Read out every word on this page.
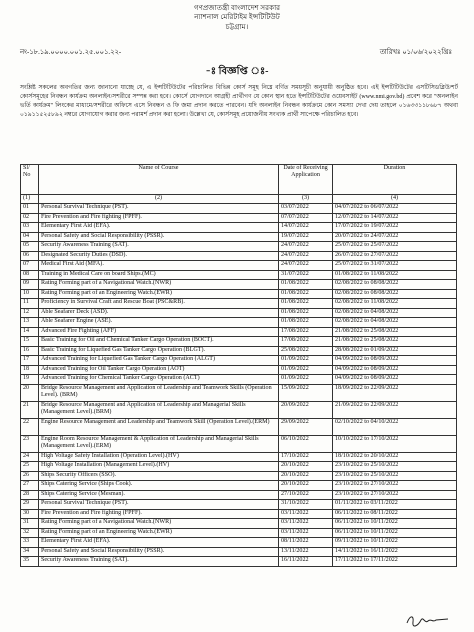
গণপ্রজাতন্ত্রী বাংলাদেশ সরকার
ন্যাশনাল মেরিটাইম ইন্সটিটিউট
চট্টগ্রাম।
নং-১৮.১৯.০০০০.০০১.২৫.০০১.২২-	তারিখঃ ০১/০৬/২০২২খ্রিঃ
-ঃ বিজ্ঞপ্তি ঃ-
সংশ্লিষ্ট সকলের অবগতির জন্য জানানো যাচ্ছে যে, এ ইন্সটিটিউটের পরিচালিত বিভিন্ন কোর্স সমূহ নিম্নে বর্ণিত সময়সূচী অনুযায়ী অনুষ্ঠিত হবে। এই ইন্সটিটিউটের এসটিসিডব্লিউ/শর্ট কোর্সসমূহের নিবন্ধন কার্যক্রম অনলাইন/সশরীরে সম্পন্ন করা হবে। কোর্সে যোগদানে আগ্রহী প্রার্থীগণ যে কোন স্থান হতে ইন্সটিটিউটের ওয়েবসাইট (www.nmi.gov.bd) প্রবেশ করে "অনলাইন ভর্তি কার্যক্রম" লিংকের মাধ্যমে/সশরীরে অফিসে এসে নিবন্ধন ও ফি জমা প্রদান করতে পারবেন। যদি অনলাইন নিবন্ধন কার্যক্রমে কোন সমস্যা দেখা দেয় তাহলে ০১৬৩৩১১৮৬৮৭ অথবা ০১৯১১৫২৫৮৯২ নম্বরে যোগাযোগ করার জন্য পরামর্শ প্রদান করা হলো। উল্লেখ্য যে, কোর্সসমূহ প্রয়োজনীয় সংখ্যক প্রার্থী সাপেক্ষে পরিচালিত হবে।
Sl/ No	Name of Course	Date of Receiving Application	Duration
(1)	(2)	(3)	(4)
01	Personal Survival Technique (PST).	03/07/2022	04/07/2022 to 06/07/2022
02	Fire Prevention and Fire fighting (FPFF).	07/07/2022	12/07/2022 to 14/07/2022
03	Elementary First Aid (EFA).	14/07/2022	17/07/2022 to 19/07/2022
04	Personal Safety and Social Responsibility (PSSR).	19/07/2022	20/07/2022 to 24/07/2022
05	Security Awareness Training (SAT).	24/07/2022	25/07/2022 to 25/07/2022
06	Designated Security Duties (DSD).	24/07/2022	26/07/2022 to 27/07/2022
07	Medical First Aid (MFA).	24/07/2022	25/07/2022 to 31/07/2022
08	Training in Medical Care on board Ships.(MC)	31/07/2022	01/08/2022 to 11/08/2022
09	Rating Forming part of a Navigational Watch.(NWR)	01/08/2022	02/08/2022 to 08/08/2022
10	Rating Forming part of an Engineering Watch.(EWR)	01/08/2022	02/08/2022 to 08/08/2022
11	Proficiency in Survival Craft and Rescue Boat (PSC&RB).	01/08/2022	02/08/2022 to 11/08/2022
12	Able Seafarer Deck (ASD).	01/08/2022	02/08/2022 to 04/08/2022
13	Able Seafarer Engine (ASE).	01/08/2022	02/08/2022 to 04/08/2022
14	Advanced Fire Fighting (AFF)	17/08/2022	21/08/2022 to 25/08/2022
15	Basic Training for Oil and Chemical Tanker Cargo Operation (BOCT).	17/08/2022	21/08/2022 to 25/08/2022
16	Basic Training for Liquefied Gas Tanker Cargo Operation (BLGT).	25/08/2022	28/08/2022 to 01/09/2022
17	Advanced Training for Liquefied Gas Tanker Cargo Operation (ALGT)	01/09/2022	04/09/2022 to 08/09/2022
18	Advanced Training for Oil Tanker Cargo Operation (AOT)	01/09/2022	04/09/2022 to 08/09/2022
19	Advanced Training for Chemical Tanker Cargo Operation (ACT)	01/09/2022	04/09/2022 to 08/09/2022
20	Bridge Resource Management and Application of Leadership and Teamwork Skills (Operation Level). (BRM)	15/09/2022	18/09/2022 to 22/09/2022
21	Bridge Resource Management and Application of Leadership and Managerial Skills (Management Level).(BRM)	20/09/2022	21/09/2022 to 22/09/2022
22	Engine Resource Management and Leadership and Teamwork Skill (Operation Level).(ERM)	29/09/2022	02/10/2022 to 04/10/2022
23	Engine Room Resource Management & Application of Leadership and Managerial Skills (Management Level).(ERM)	06/10/2022	10/10/2022 to 17/10/2022
24	High Voltage Safety Installation (Operation Level).(HV)	17/10/2022	18/10/2022 to 20/10/2022
25	High Voltage Installation (Management Level).(HV)	20/10/2022	23/10/2022 to 25/10/2022
26	Ships Security Officers (SSO).	20/10/2022	23/10/2022 to 25/10/2022
27	Ships Catering Service (Ships Cook).	20/10/2022	23/10/2022 to 27/10/2022
28	Ships Catering Service (Mesman).	27/10/2022	23/10/2022 to 27/10/2022
29	Personal Survival Technique (PST).	31/10/2022	01/11/2022 to 03/11/2022
30	Fire Prevention and Fire fighting (FPFF).	03/11/2022	06/11/2022 to 08/11/2022
31	Rating Forming part of a Navigational Watch.(NWR)	03/11/2022	06/11/2022 to 10/11/2022
32	Rating Forming part of an Engineering Watch.(EWR)	03/11/2022	06/11/2022 to 10/11/2022
33	Elementary First Aid (EFA).	08/11/2022	09/11/2022 to 10/11/2022
34	Personal Safety and Social Responsibility (PSSR).	13/11/2022	14/11/2022 to 16/11/2022
35	Security Awareness Training (SAT).	16/11/2022	17/11/2022 to 17/11/2022
